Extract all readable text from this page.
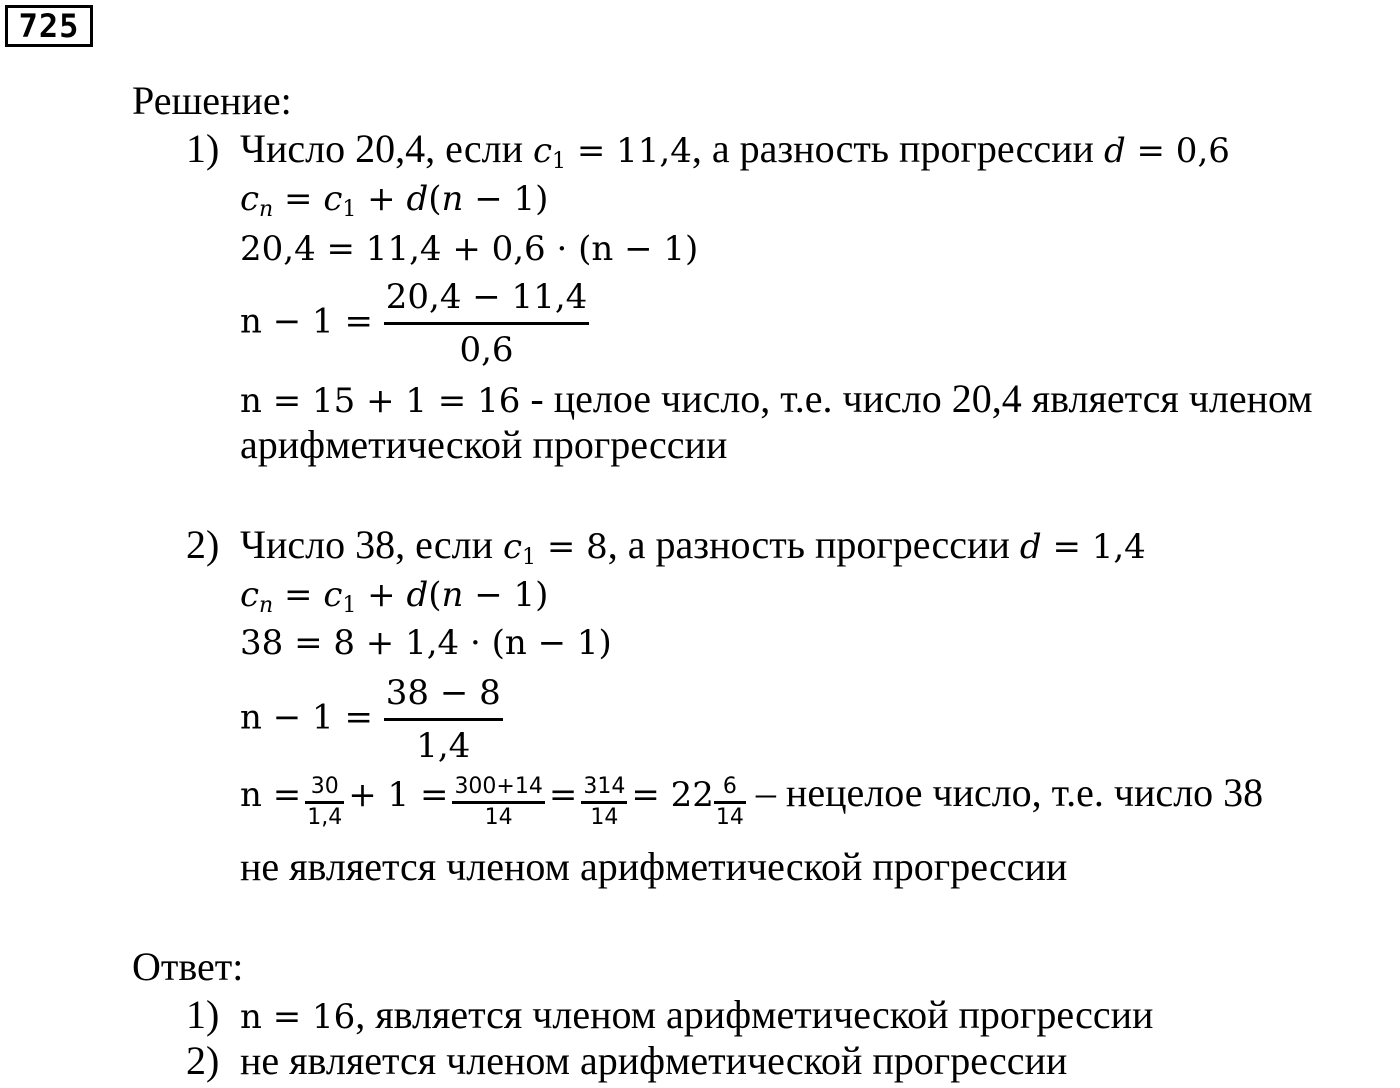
725
Решение:
1) Число 20,4, если $c_1 = 11,4$, а разность прогрессии d = 0,6
$c_n = c_1 + d(n - 1)$
20,4 = 11,4 + 0,6 · (n − 1)
$n - 1 = \frac{20,4 - 11,4}{0,6}$
n = 15 + 1 = 16 - целое число, т.е. число 20,4 является членом
арифметической прогрессии
2) Число 38, если $c_1 = 8$, а разность прогрессии d = 1,4
$c_n = c_1 + d(n - 1)$
38 = 8 + 1,4 · (n − 1)
$n - 1 = \frac{38 - 8}{1,4}$
$n = \frac{30}{1,4} + 1 = \frac{300+14}{14} = \frac{314}{14} = 22 \frac{6}{14}$ – нецелое число, т.е. число 38
не является членом арифметической прогрессии
Ответ:
1) n = 16, является членом арифметической прогрессии
2) не является членом арифметической прогрессии
